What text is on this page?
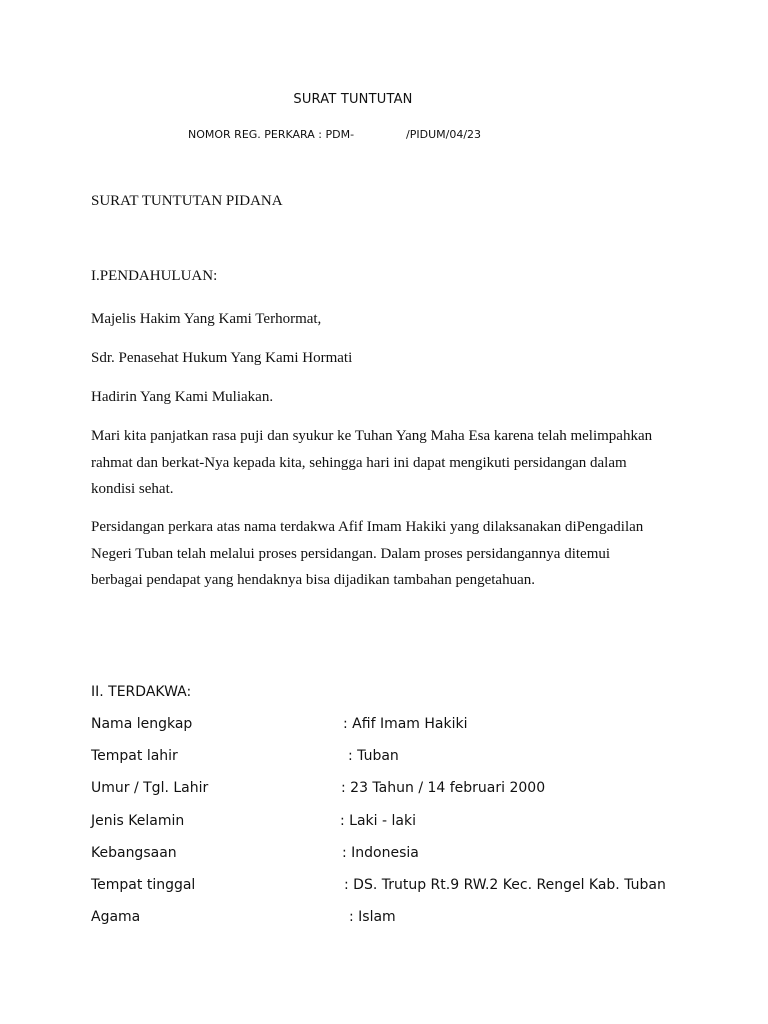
SURAT TUNTUTAN
NOMOR REG. PERKARA : PDM-	/PIDUM/04/23
SURAT TUNTUTAN PIDANA
I.PENDAHULUAN:
Majelis Hakim Yang Kami Terhormat,
Sdr. Penasehat Hukum Yang Kami Hormati
Hadirin Yang Kami Muliakan.

Mari kita panjatkan rasa puji dan syukur ke Tuhan Yang Maha Esa karena telah melimpahkan

rahmat dan berkat-Nya kepada kita, sehingga hari ini dapat mengikuti persidangan dalam

kondisi sehat.

Persidangan perkara atas nama terdakwa Afif Imam Hakiki yang dilaksanakan diPengadilan

Negeri Tuban telah melalui proses persidangan. Dalam proses persidangannya ditemui

berbagai pendapat yang hendaknya bisa dijadikan tambahan pengetahuan.

II. TERDAKWA:
Nama lengkap	: Afif Imam Hakiki
Tempat lahir	: Tuban
Umur / Tgl. Lahir	: 23 Tahun / 14 februari 2000
Jenis Kelamin	: Laki - laki
Kebangsaan	: Indonesia
Tempat tinggal	: DS. Trutup Rt.9 RW.2 Kec. Rengel Kab. Tuban
Agama	: Islam
